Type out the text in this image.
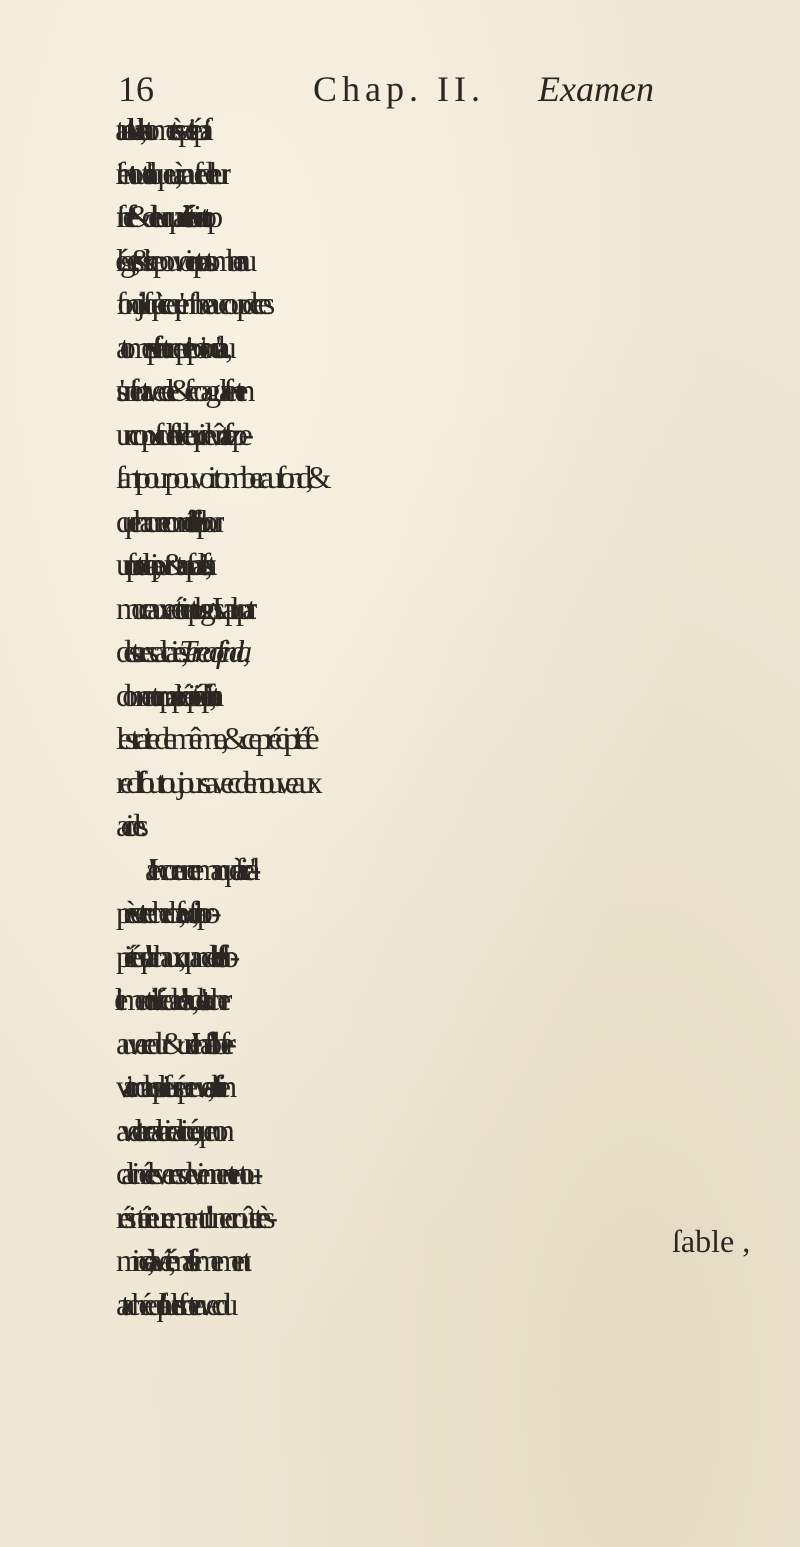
16	Chap. II. Examen
tant alkalin , les atomes très-petitsépaiſ-
ſirent toute la liqueur , à cauſe de leur
fineſſe & de leur quantité. Ils étoient trop
légers , & ils ne pouvoient pas tomber au
fond juſqu'à ce qu'enfin beaucoup de ces
atomes priſſent une petite portion d'eau ,
s'uniſſent avec elle & ſe coagulaſſent en
un corpuſcule ſolide qui devînt aſſez pe-
ſant pour pouvoir tomber au fond , &
que chacun reconnoîtroit à l'œil ſeul pour
un ſpat calcaire, pur & tranſparent , ſi les
morceaux en étoient plus gros. La plupart
des terres calcaires , Terrea officinalia
donnent un pareil précipité de ſpat , ſi on
les traite de même , & ce précipité ſe
rediſſout toujours avec de nouveaux
acides.
J'ai encore une remarque à faire d'a-
près cette recherche , ſavoir , ſur la pro-
priété qu'a la chaux, quand elle eſt ſub-
tilement diviſée dans l'eau , de s'attacher
au verre dur & uni. J'en ai fait l'obſer-
vation dans pluſieurs épreuves, auſſi-bien
avec la terre calcaire calcinée , que non
calcinée : les verres deviennent entou-
rés intérieurement d'une croûte très-
mince , à la vérité , mais ſi fermement
attachée qu'il faut les frotter avec du
ſable ,
